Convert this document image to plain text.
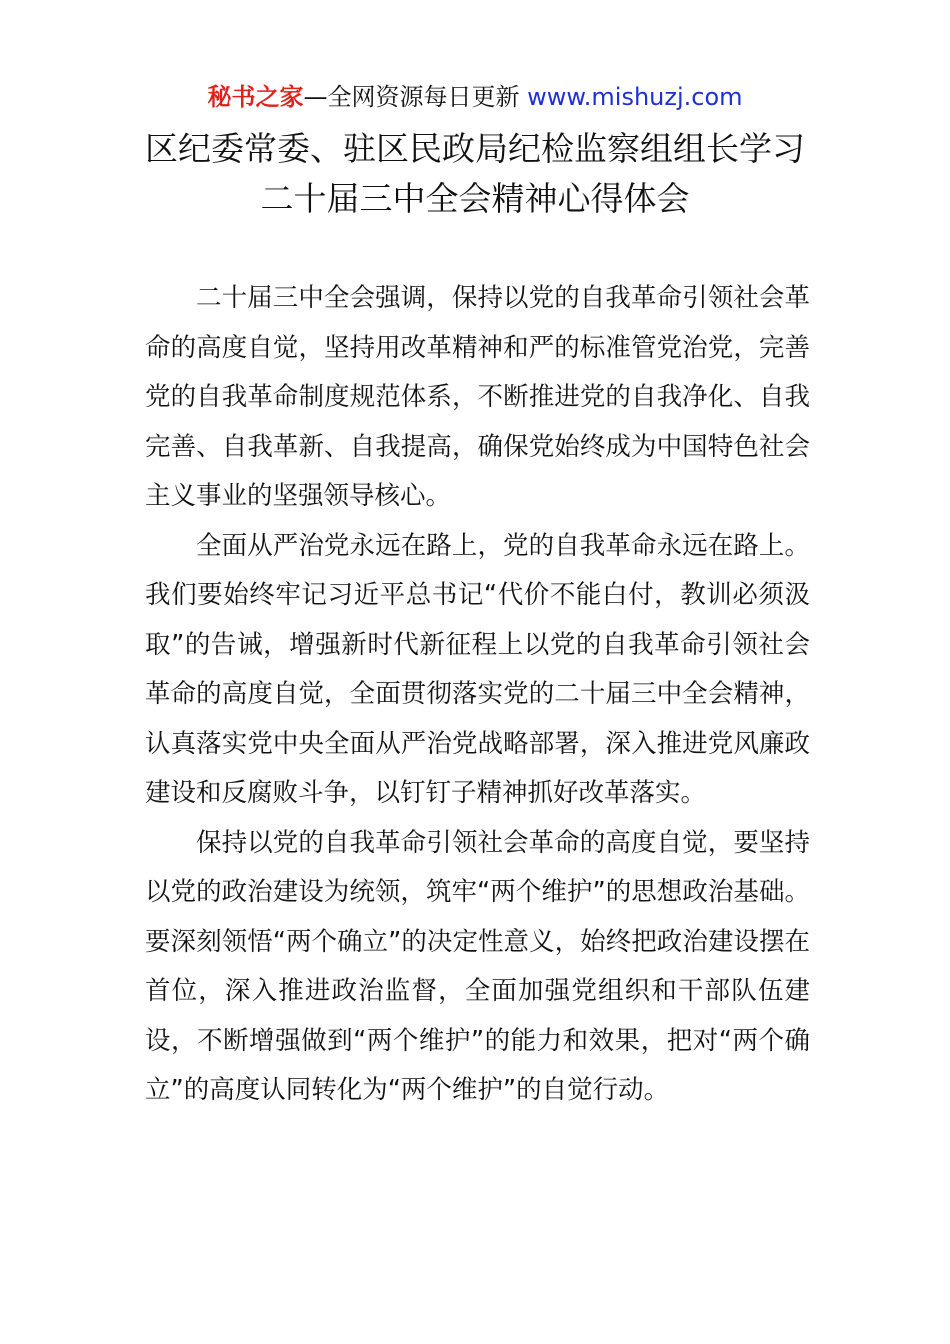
秘书之家—全网资源每日更新 www.mishuzj.com
区纪委常委、驻区民政局纪检监察组组长学习
二十届三中全会精神心得体会

二十届三中全会强调，保持以党的自我革命引领社会革命的高度自觉，坚持用改革精神和严的标准管党治党，完善党的自我革命制度规范体系，不断推进党的自我净化、自我完善、自我革新、自我提高，确保党始终成为中国特色社会主义事业的坚强领导核心。

全面从严治党永远在路上，党的自我革命永远在路上。我们要始终牢记习近平总书记“代价不能白付，教训必须汲取”的告诫，增强新时代新征程上以党的自我革命引领社会革命的高度自觉，全面贯彻落实党的二十届三中全会精神，认真落实党中央全面从严治党战略部署，深入推进党风廉政建设和反腐败斗争，以钉钉子精神抓好改革落实。

保持以党的自我革命引领社会革命的高度自觉，要坚持以党的政治建设为统领，筑牢“两个维护”的思想政治基础。要深刻领悟“两个确立”的决定性意义，始终把政治建设摆在首位，深入推进政治监督，全面加强党组织和干部队伍建设，不断增强做到“两个维护”的能力和效果，把对“两个确立”的高度认同转化为“两个维护”的自觉行动。
